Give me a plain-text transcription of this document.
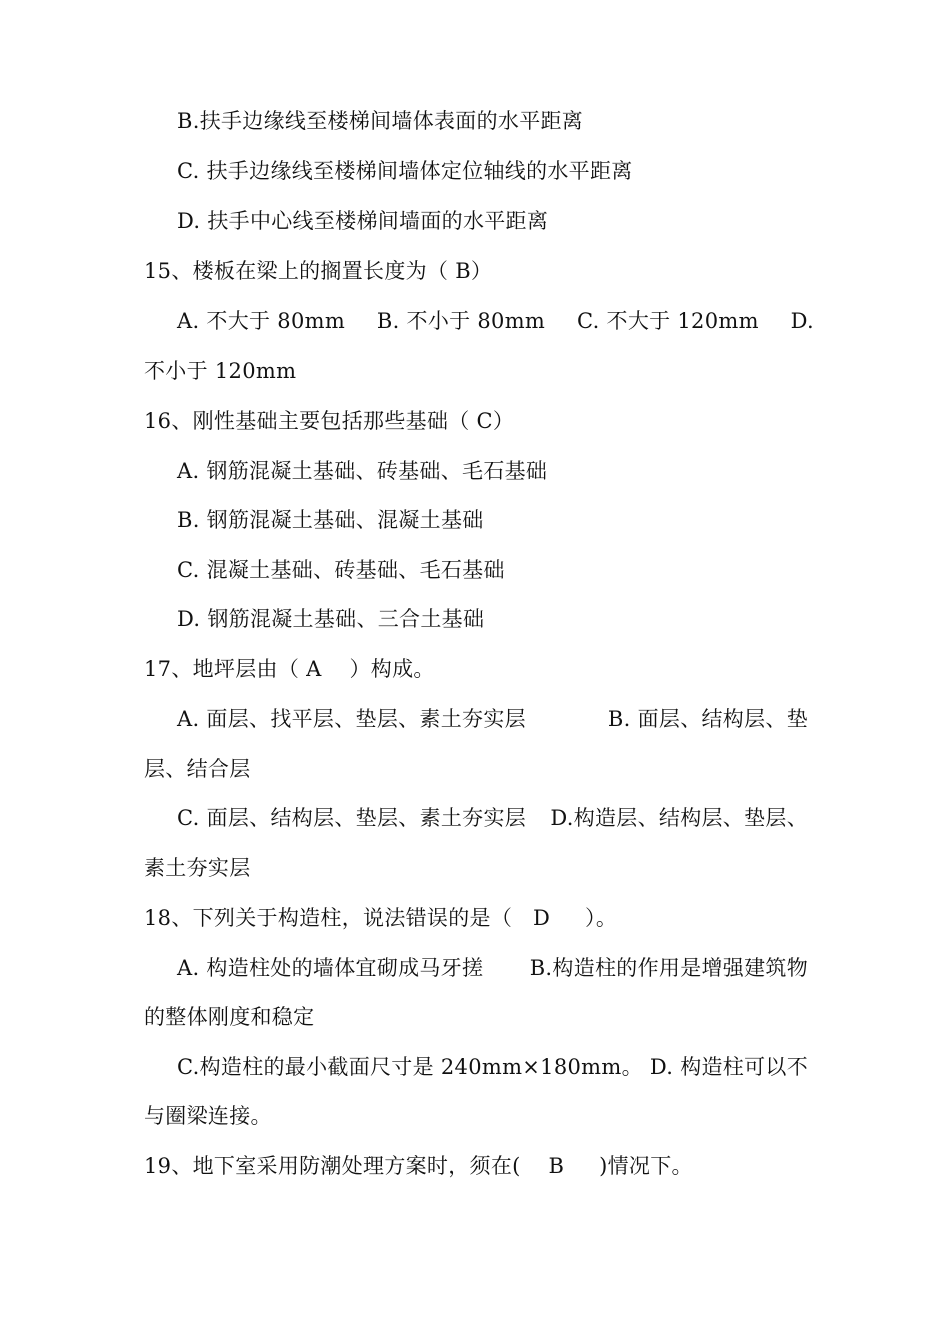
B.扶手边缘线至楼梯间墙体表面的水平距离
C. 扶手边缘线至楼梯间墙体定位轴线的水平距离
D. 扶手中心线至楼梯间墙面的水平距离
15、楼板在梁上的搁置长度为（ B）
A. 不大于 80mm B. 不小于 80mm C. 不大于 120mm D.
不小于 120mm
16、刚性基础主要包括那些基础（ C）
A. 钢筋混凝土基础、砖基础、毛石基础
B. 钢筋混凝土基础、混凝土基础
C. 混凝土基础、砖基础、毛石基础
D. 钢筋混凝土基础、三合土基础
17、地坪层由（ A    ）构成。
A. 面层、找平层、垫层、素土夯实层	B. 面层、结构层、垫
层、结合层
C. 面层、结构层、垫层、素土夯实层 D.构造层、结构层、垫层、
素土夯实层
18、下列关于构造柱，说法错误的是（   D     ）。
A. 构造柱处的墙体宜砌成马牙搓 B.构造柱的作用是增强建筑物
的整体刚度和稳定
C.构造柱的最小截面尺寸是 240mm×180mm。 D. 构造柱可以不
与圈梁连接。
19、地下室采用防潮处理方案时，须在(    B     )情况下。
